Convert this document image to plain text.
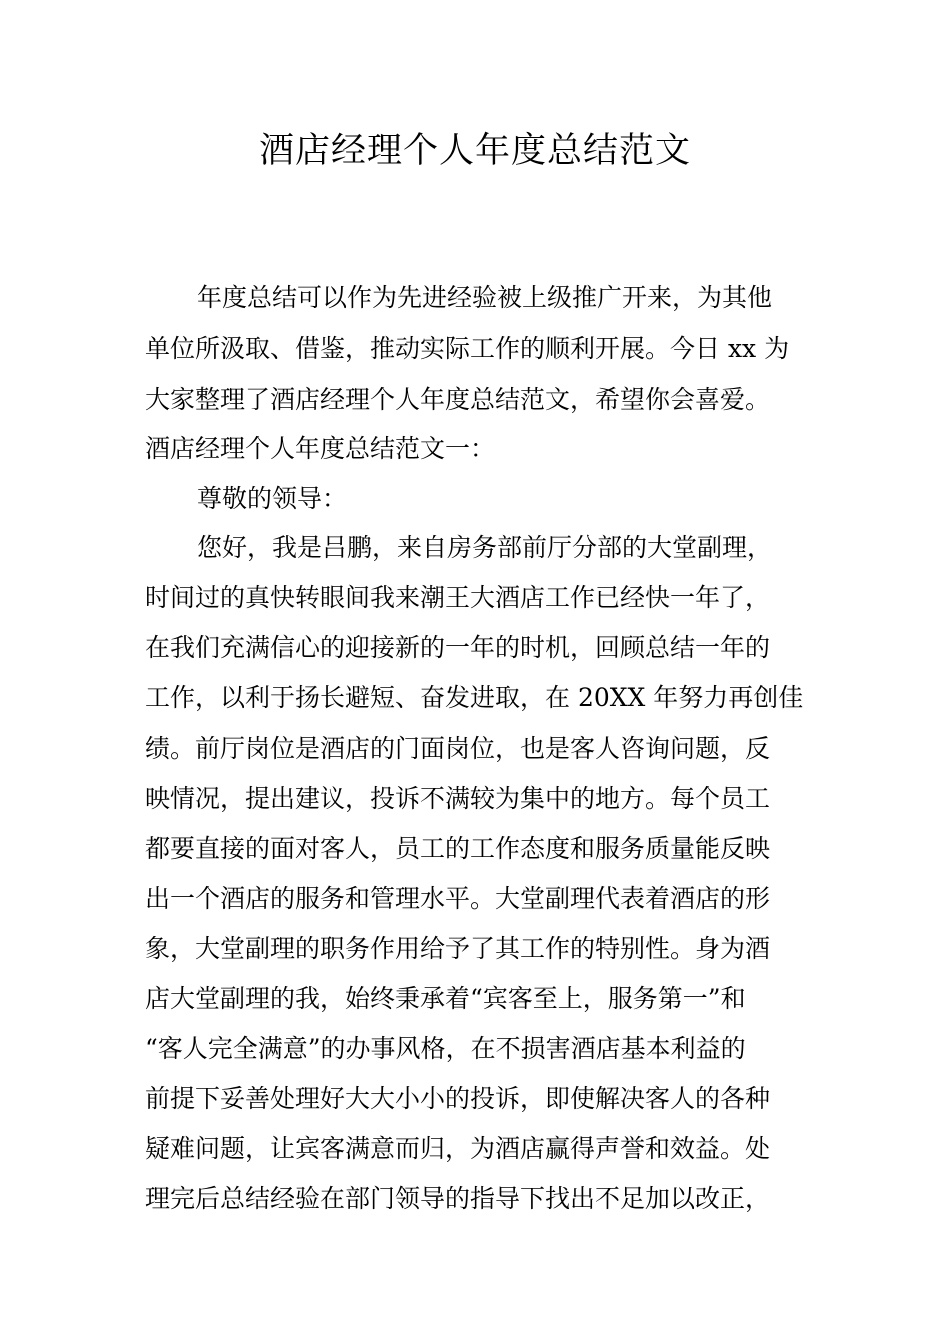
酒店经理个人年度总结范文
年度总结可以作为先进经验被上级推广开来，为其他
单位所汲取、借鉴，推动实际工作的顺利开展。今日 xx 为
大家整理了酒店经理个人年度总结范文，希望你会喜爱。
酒店经理个人年度总结范文一：
尊敬的领导：
您好，我是吕鹏，来自房务部前厅分部的大堂副理，
时间过的真快转眼间我来潮王大酒店工作已经快一年了，
在我们充满信心的迎接新的一年的时机，回顾总结一年的
工作，以利于扬长避短、奋发进取，在 20XX 年努力再创佳
绩。前厅岗位是酒店的门面岗位，也是客人咨询问题，反
映情况，提出建议，投诉不满较为集中的地方。每个员工
都要直接的面对客人，员工的工作态度和服务质量能反映
出一个酒店的服务和管理水平。大堂副理代表着酒店的形
象，大堂副理的职务作用给予了其工作的特别性。身为酒
店大堂副理的我，始终秉承着“宾客至上，服务第一”和
“客人完全满意”的办事风格，在不损害酒店基本利益的
前提下妥善处理好大大小小的投诉，即使解决客人的各种
疑难问题，让宾客满意而归，为酒店赢得声誉和效益。处
理完后总结经验在部门领导的指导下找出不足加以改正，
